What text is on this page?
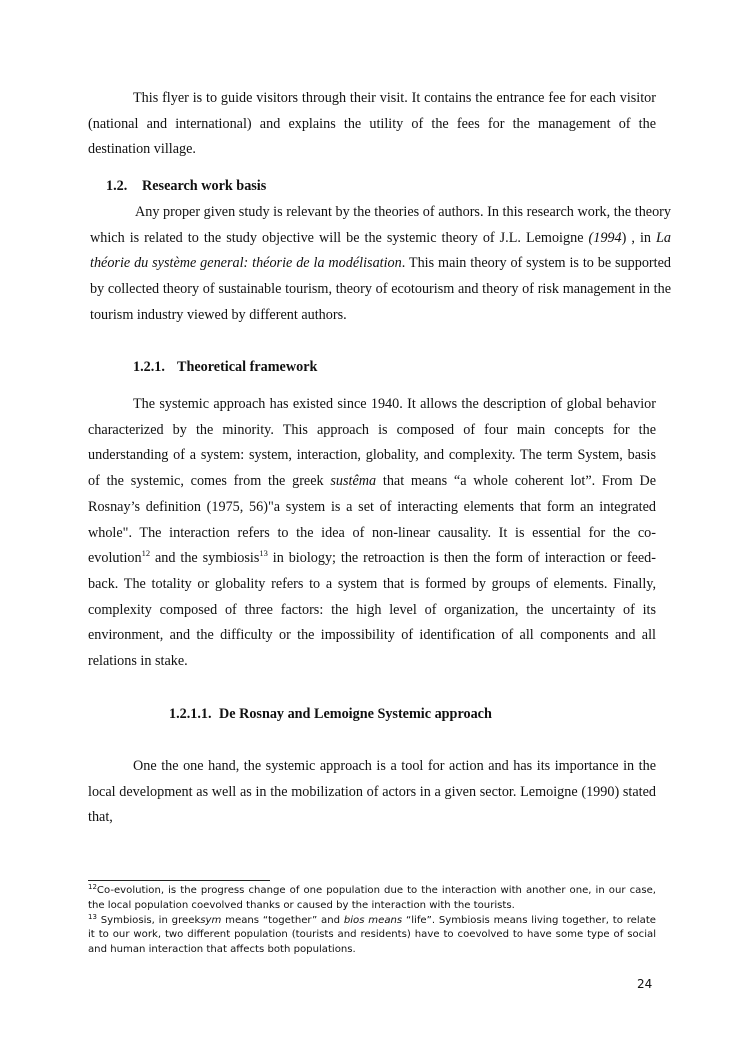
This flyer is to guide visitors through their visit. It contains the entrance fee for each visitor (national and international) and explains the utility of the fees for the management of the destination village.

1.2. Research work basis

Any proper given study is relevant by the theories of authors. In this research work, the theory which is related to the study objective will be the systemic theory of J.L. Lemoigne (1994) , in La théorie du système general: théorie de la modélisation. This main theory of system is to be supported by collected theory of sustainable tourism, theory of ecotourism and theory of risk management in the tourism industry viewed by different authors.

1.2.1. Theoretical framework

The systemic approach has existed since 1940. It allows the description of global behavior characterized by the minority. This approach is composed of four main concepts for the understanding of a system: system, interaction, globality, and complexity. The term System, basis of the systemic, comes from the greek sustêma that means “a whole coherent lot”. From De Rosnay’s definition (1975, 56)"a system is a set of interacting elements that form an integrated whole". The interaction refers to the idea of non-linear causality. It is essential for the co-evolution$^{12}$ and the symbiosis$^{13}$ in biology; the retroaction is then the form of interaction or feed-back. The totality or globality refers to a system that is formed by groups of elements. Finally, complexity composed of three factors: the high level of organization, the uncertainty of its environment, and the difficulty or the impossibility of identification of all components and all relations in stake.

1.2.1.1. De Rosnay and Lemoigne Systemic approach

One the one hand, the systemic approach is a tool for action and has its importance in the local development as well as in the mobilization of actors in a given sector. Lemoigne (1990) stated that,

$^{12}$Co-evolution, is the progress change of one population due to the interaction with another one, in our case, the local population coevolved thanks or caused by the interaction with the tourists.

$^{13}$ Symbiosis, in greeksym means “together” and bios means “life”. Symbiosis means living together, to relate it to our work, two different population (tourists and residents) have to coevolved to have some type of social and human interaction that affects both populations.

24
